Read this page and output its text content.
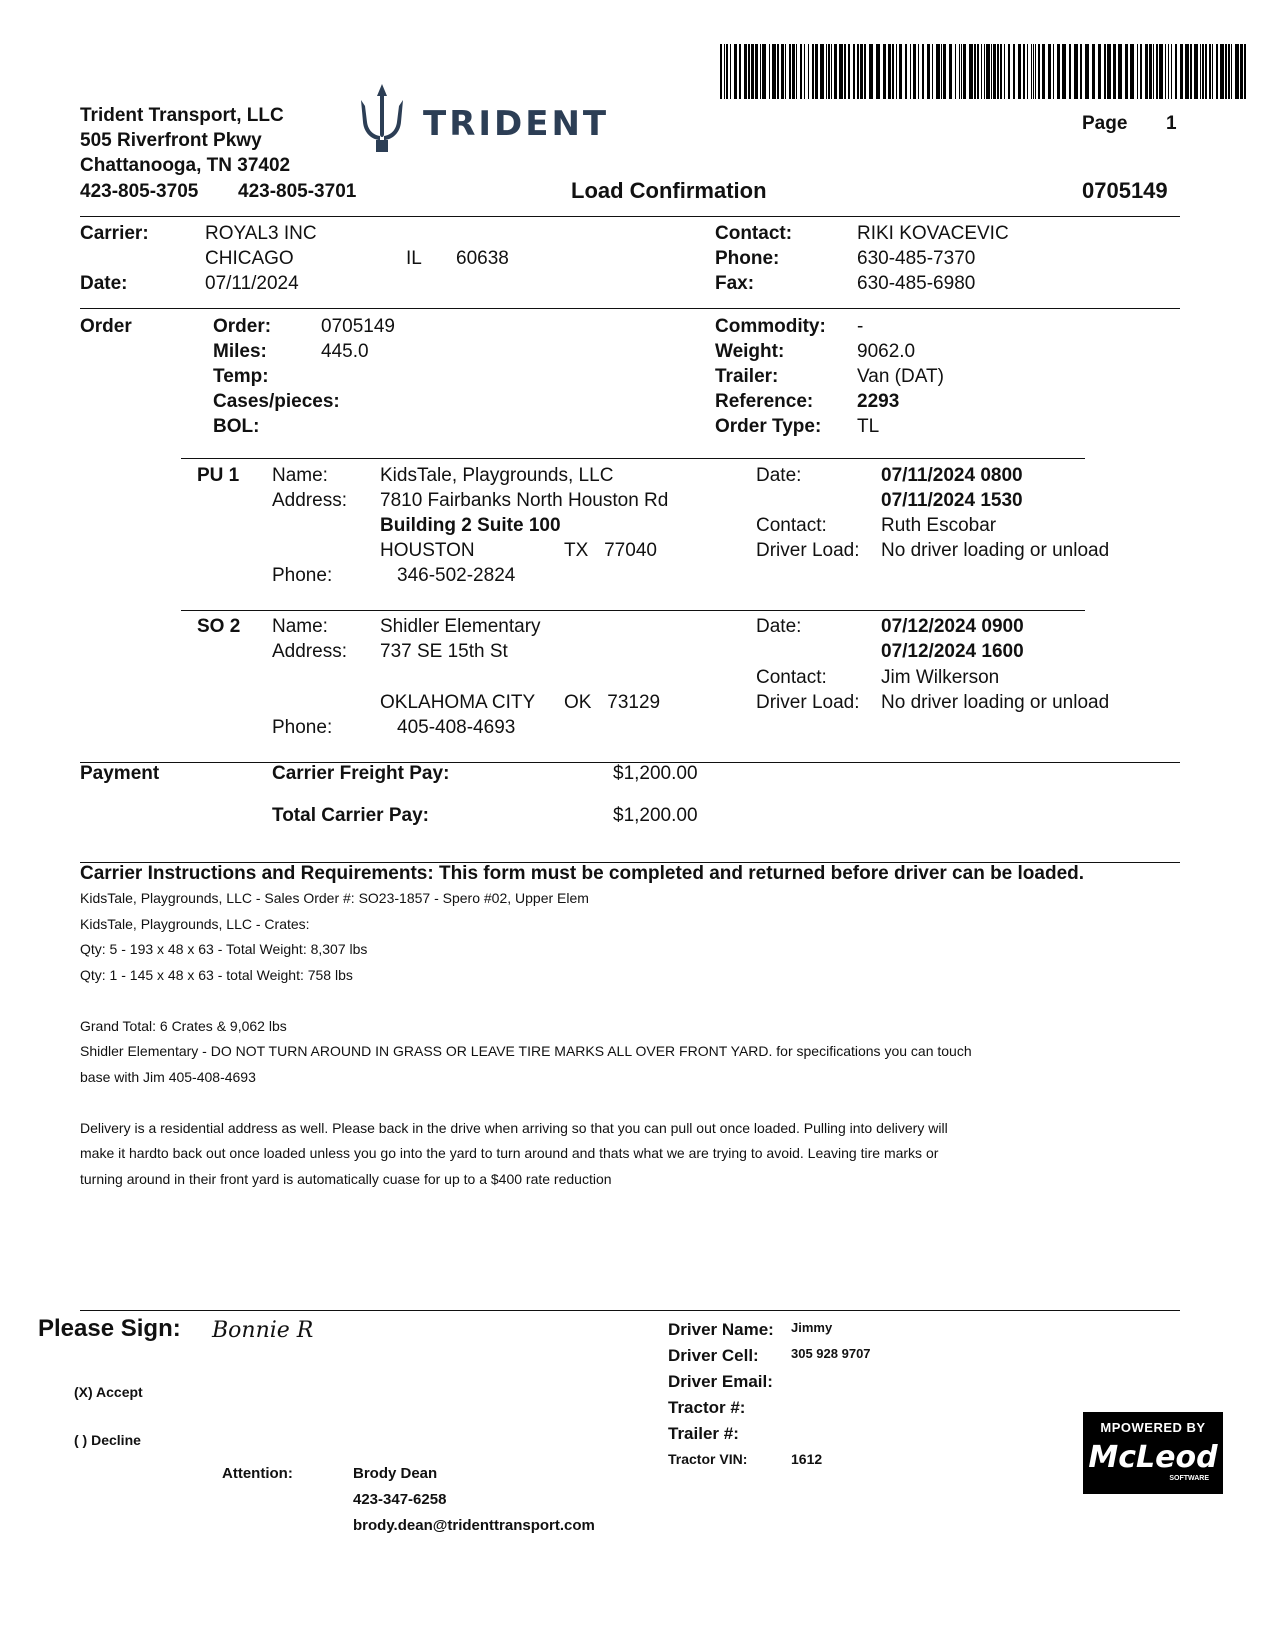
Trident Transport, LLC
505 Riverfront Pkwy
Chattanooga, TN 37402
423-805-3705 423-805-3701
TRIDENT	Page 1
Load Confirmation	0705149
Carrier:	ROYAL3 INC
CHICAGO	IL 60638
Date:	07/11/2024
Contact:	RIKI KOVACEVIC
Phone:	630-485-7370
Fax:	630-485-6980
Order	Order:	0705149
Miles:	445.0
Temp:
Cases/pieces:
BOL:
Commodity: -
Weight:	9062.0
Trailer:	Van (DAT)
Reference: 2293
Order Type: TL
PU 1 Name:	KidsTale, Playgrounds, LLC
Address: 7810 Fairbanks North Houston Rd
Building 2 Suite 100
HOUSTON	TX   77040
Phone:	346-502-2824
Date:	07/11/2024 0800
07/11/2024 1530
Contact:	Ruth Escobar
Driver Load: No driver loading or unload
SO 2 Name:	Shidler Elementary
Address: 737 SE 15th St
OKLAHOMA CITY OK   73129
Phone:	405-408-4693
Date:	07/12/2024 0900
07/12/2024 1600
Contact:	Jim Wilkerson
Driver Load: No driver loading or unload
Payment	Carrier Freight Pay:	$1,200.00
Total Carrier Pay:	$1,200.00
Carrier Instructions and Requirements: This form must be completed and returned before driver can be loaded.
KidsTale, Playgrounds, LLC - Sales Order #: SO23-1857 - Spero #02, Upper Elem
KidsTale, Playgrounds, LLC - Crates:
Qty: 5 - 193 x 48 x 63 - Total Weight: 8,307 lbs
Qty: 1 - 145 x 48 x 63 - total Weight: 758 lbs

Grand Total: 6 Crates & 9,062 lbs
Shidler Elementary - DO NOT TURN AROUND IN GRASS OR LEAVE TIRE MARKS ALL OVER FRONT YARD. for specifications you can touch
base with Jim 405-408-4693

Delivery is a residential address as well. Please back in the drive when arriving so that you can pull out once loaded. Pulling into delivery will
make it hardto back out once loaded unless you go into the yard to turn around and thats what we are trying to avoid. Leaving tire marks or
turning around in their front yard is automatically cuase for up to a $400 rate reduction
Please Sign: Bonnie R
(X) Accept
( ) Decline
Attention:	Brody Dean
423-347-6258
brody.dean@tridenttransport.com
Driver Name: Jimmy
Driver Cell: 305 928 9707
Driver Email:
Tractor #:
Trailer #:
Tractor VIN:	1612
MPOWERED BY
McLeod
SOFTWARE
